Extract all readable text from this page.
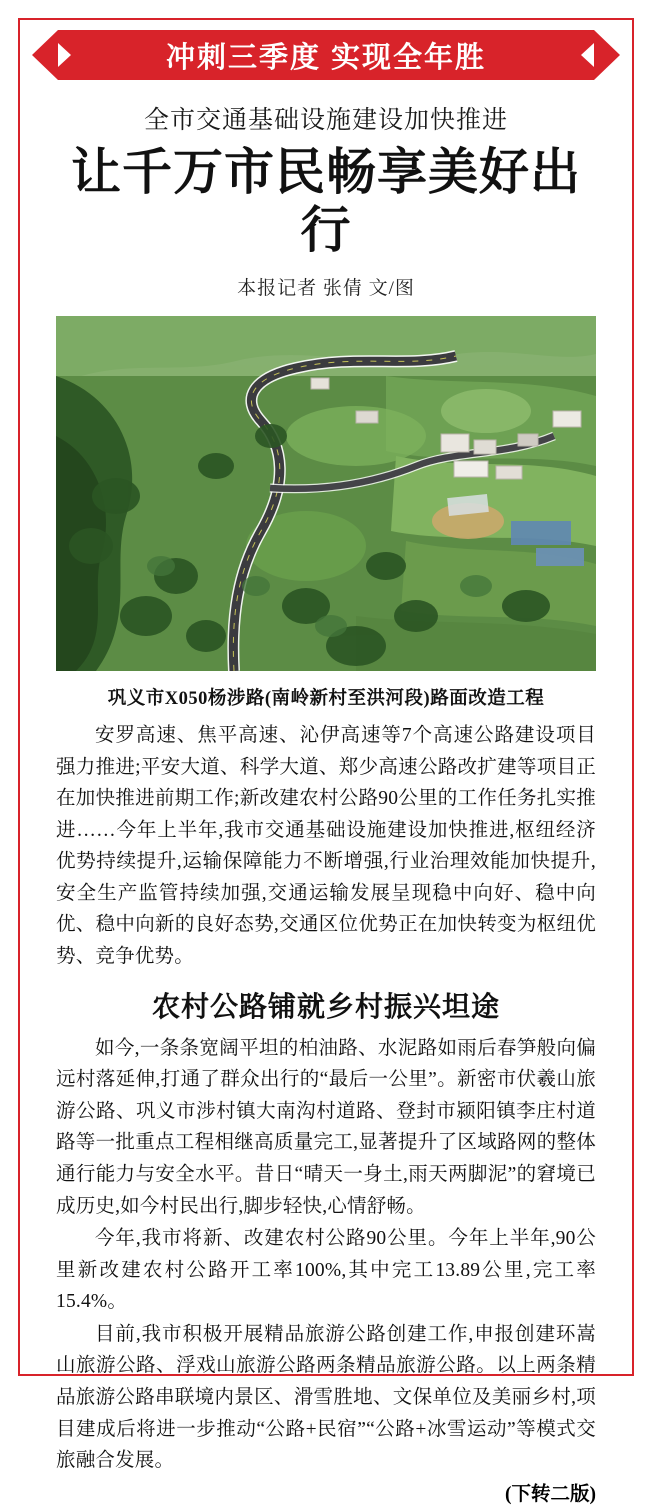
冲刺三季度 实现全年胜
全市交通基础设施建设加快推进
让千万市民畅享美好出行
本报记者 张倩 文/图
巩义市X050杨涉路(南岭新村至洪河段)路面改造工程

安罗高速、焦平高速、沁伊高速等7个高速公路建设项目强力推进;平安大道、科学大道、郑少高速公路改扩建等项目正在加快推进前期工作;新改建农村公路90公里的工作任务扎实推进……今年上半年,我市交通基础设施建设加快推进,枢纽经济优势持续提升,运输保障能力不断增强,行业治理效能加快提升,安全生产监管持续加强,交通运输发展呈现稳中向好、稳中向优、稳中向新的良好态势,交通区位优势正在加快转变为枢纽优势、竞争优势。

农村公路铺就乡村振兴坦途

如今,一条条宽阔平坦的柏油路、水泥路如雨后春笋般向偏远村落延伸,打通了群众出行的“最后一公里”。新密市伏羲山旅游公路、巩义市涉村镇大南沟村道路、登封市颍阳镇李庄村道路等一批重点工程相继高质量完工,显著提升了区域路网的整体通行能力与安全水平。昔日“晴天一身土,雨天两脚泥”的窘境已成历史,如今村民出行,脚步轻快,心情舒畅。

今年,我市将新、改建农村公路90公里。今年上半年,90公里新改建农村公路开工率100%,其中完工13.89公里,完工率15.4%。

目前,我市积极开展精品旅游公路创建工作,申报创建环嵩山旅游公路、浮戏山旅游公路两条精品旅游公路。以上两条精品旅游公路串联境内景区、滑雪胜地、文保单位及美丽乡村,项目建成后将进一步推动“公路+民宿”“公路+冰雪运动”等模式交旅融合发展。

(下转二版)
